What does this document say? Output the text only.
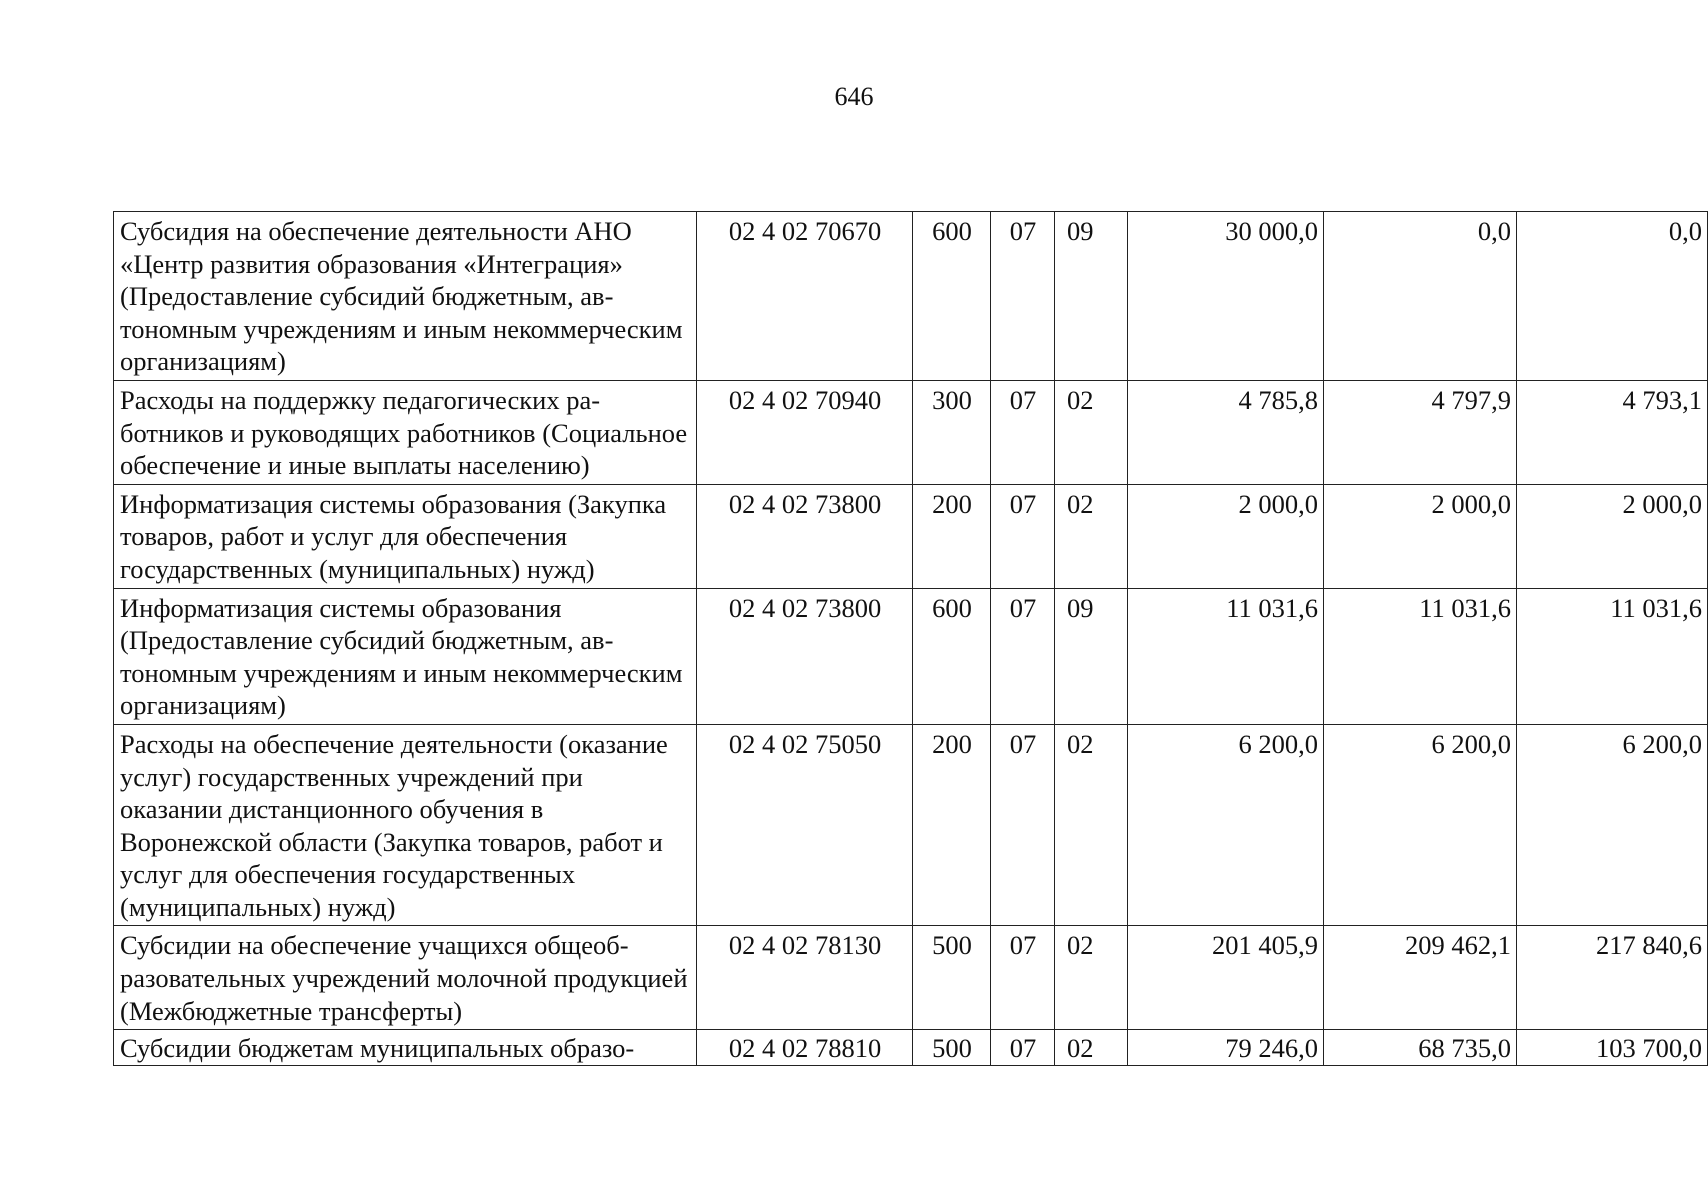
646
Субсидия на обеспечение деятельности АНО «Центр развития образования «Интеграция» (Предоставление субсидий бюджетным, автономным учреждениям и иным некоммерческим организациям)	02 4 02 70670	600	07	09	30 000,0	0,0	0,0
Расходы на поддержку педагогических работников и руководящих работников (Социальное обеспечение и иные выплаты населению)	02 4 02 70940	300	07	02	4 785,8	4 797,9	4 793,1
Информатизация системы образования (Закупка товаров, работ и услуг для обеспечения государственных (муниципальных) нужд)	02 4 02 73800	200	07	02	2 000,0	2 000,0	2 000,0
Информатизация системы образования (Предоставление субсидий бюджетным, автономным учреждениям и иным некоммерческим организациям)	02 4 02 73800	600	07	09	11 031,6	11 031,6	11 031,6
Расходы на обеспечение деятельности (оказание услуг) государственных учреждений при оказании дистанционного обучения в Воронежской области (Закупка товаров, работ и услуг для обеспечения государственных (муниципальных) нужд)	02 4 02 75050	200	07	02	6 200,0	6 200,0	6 200,0
Субсидии на обеспечение учащихся общеобразовательных учреждений молочной продукцией (Межбюджетные трансферты)	02 4 02 78130	500	07	02	201 405,9	209 462,1	217 840,6
Субсидии бюджетам муниципальных образо-	02 4 02 78810	500	07	02	79 246,0	68 735,0	103 700,0
